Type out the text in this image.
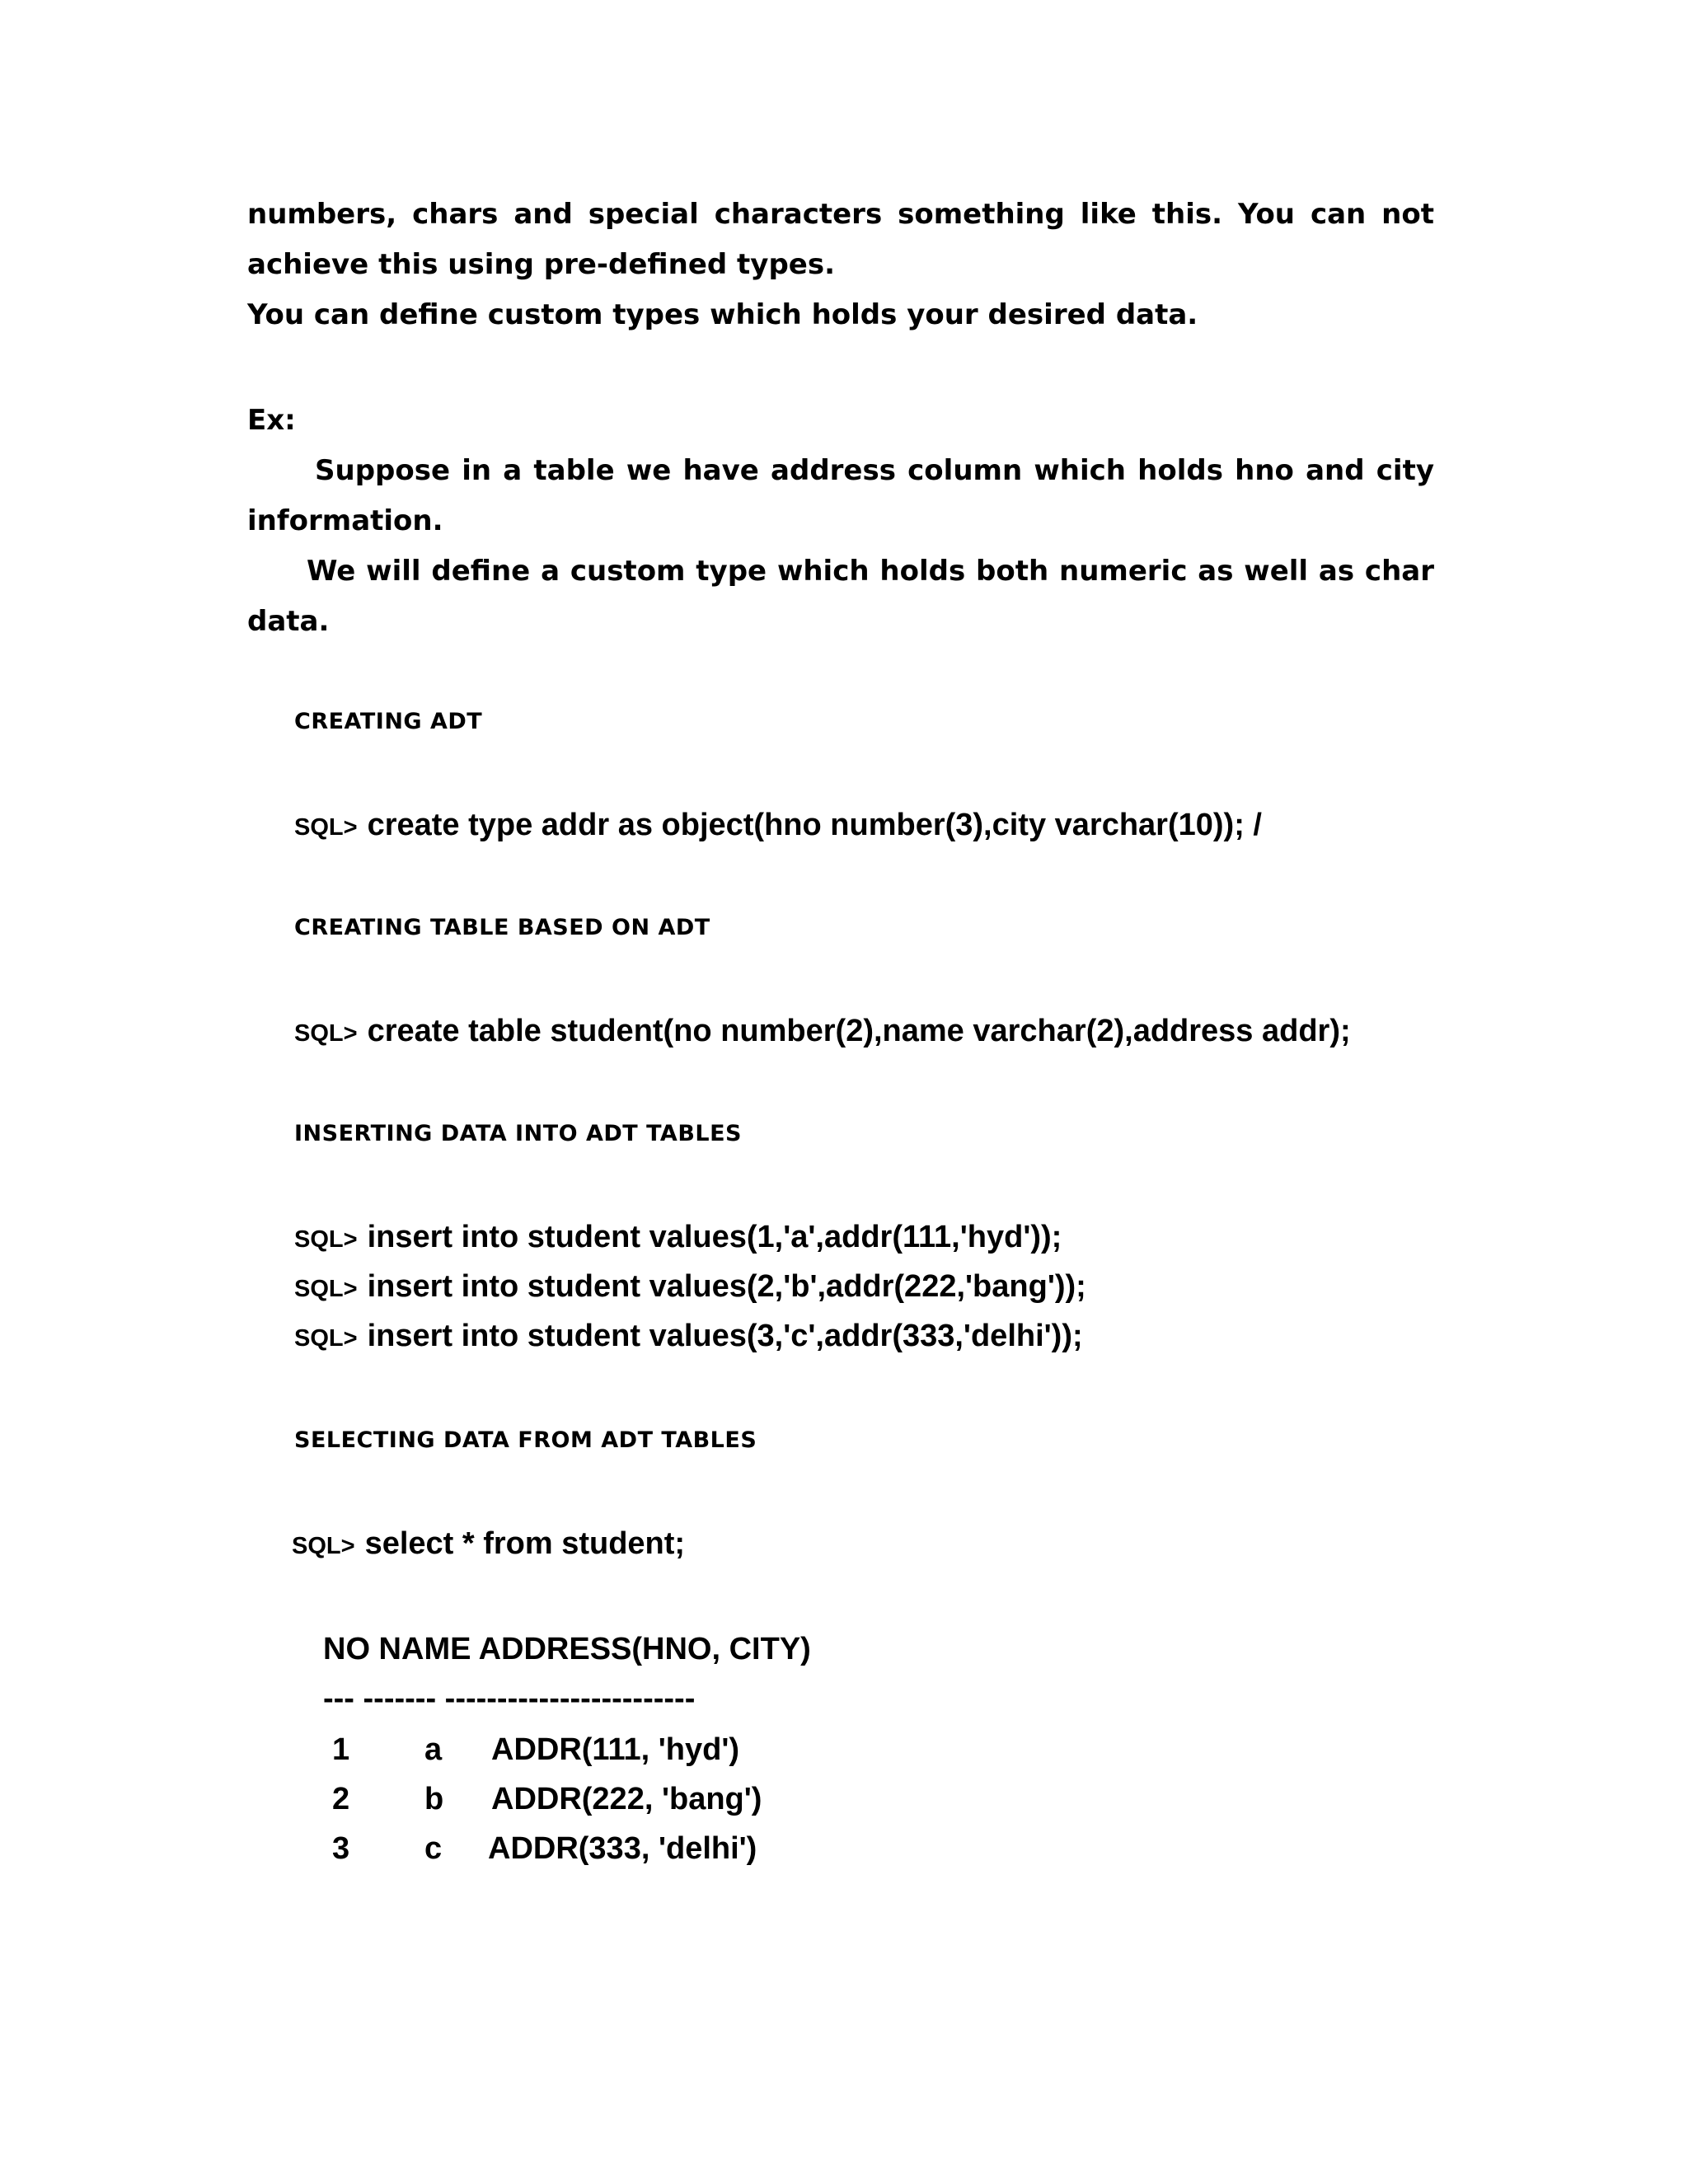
numbers, chars and special characters something like this. You can not
achieve this using pre-defined types.
You can define custom types which holds your desired data.

Ex:

Suppose in a table we have address column which holds hno and city
information.

We will define a custom type which holds both numeric as well as char
data.

CREATING ADT

SQL> create type addr as object(hno number(3),city varchar(10)); /

CREATING TABLE BASED ON ADT

SQL> create table student(no number(2),name varchar(2),address addr);

INSERTING DATA INTO ADT TABLES

SQL> insert into student values(1,'a',addr(111,'hyd'));

SQL> insert into student values(2,'b',addr(222,'bang'));

SQL> insert into student values(3,'c',addr(333,'delhi'));

SELECTING DATA FROM ADT TABLES

SQL> select * from student;

NO NAME ADDRESS(HNO, CITY)

--- ------- ------------------------

1 a ADDR(111, 'hyd')
2 b ADDR(222, 'bang')
3 c ADDR(333, 'delhi')
